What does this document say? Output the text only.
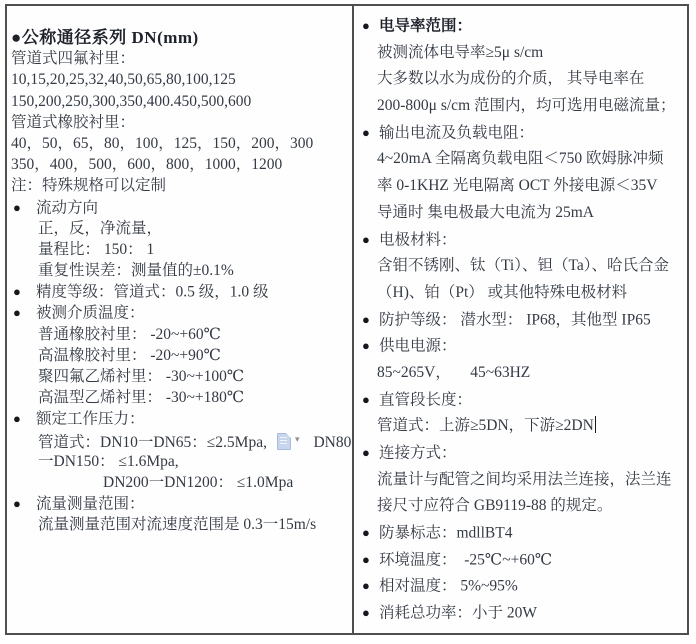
●公称通径系列 DN(mm)
管道式四氟衬里：
10,15,20,25,32,40,50,65,80,100,125
150,200,250,300,350,400.450,500,600
管道式橡胶衬里：
40，50，65，80，100，125，150，200，300
350，400，500，600，800，1000，1200
注：特殊规格可以定制
● 流动方向
正，反，净流量，
量程比： 150： 1
重复性误差：测量值的±0.1%
● 精度等级：管道式：0.5 级，1.0 级
● 被测介质温度：
普通橡胶衬里： -20~+60℃
高温橡胶衬里： -20~+90℃
聚四氟乙烯衬里： -30~+100℃
高温型乙烯衬里： -30~+180℃
● 额定工作压力：
管道式：DN10一DN65：≤2.5Mpa,	▾ DN80
一DN150： ≤1.6Mpa,
DN200一DN1200： ≤1.0Mpa
● 流量测量范围：
流量测量范围对流速度范围是 0.3一15m/s
● 电导率范围：
被测流体电导率≥5μ s/cm
大多数以水为成份的介质， 其导电率在
200-800μ s/cm 范围内，均可选用电磁流量；
● 输出电流及负载电阻：
4~20mA 全隔离负载电阻＜750 欧姆脉冲频
率 0-1KHZ 光电隔离 OCT 外接电源＜35V
导通时 集电极最大电流为 25mA
● 电极材料：
含钼不锈刚、钛（Ti）、钽（Ta）、哈氏合金
（H)、铂（Pt） 或其他特殊电极材料
● 防护等级： 潜水型： IP68，其他型 IP65
● 供电电源：
85~265V，     45~63HZ
● 直管段长度：
管道式：上游≥5DN，下游≥2DN
● 连接方式：
流量计与配管之间均采用法兰连接，法兰连
接尺寸应符合 GB9119-88 的规定。
● 防暴标志：mdllBT4
● 环境温度：  -25℃~+60℃
● 相对温度： 5%~95%
● 消耗总功率：小于 20W
